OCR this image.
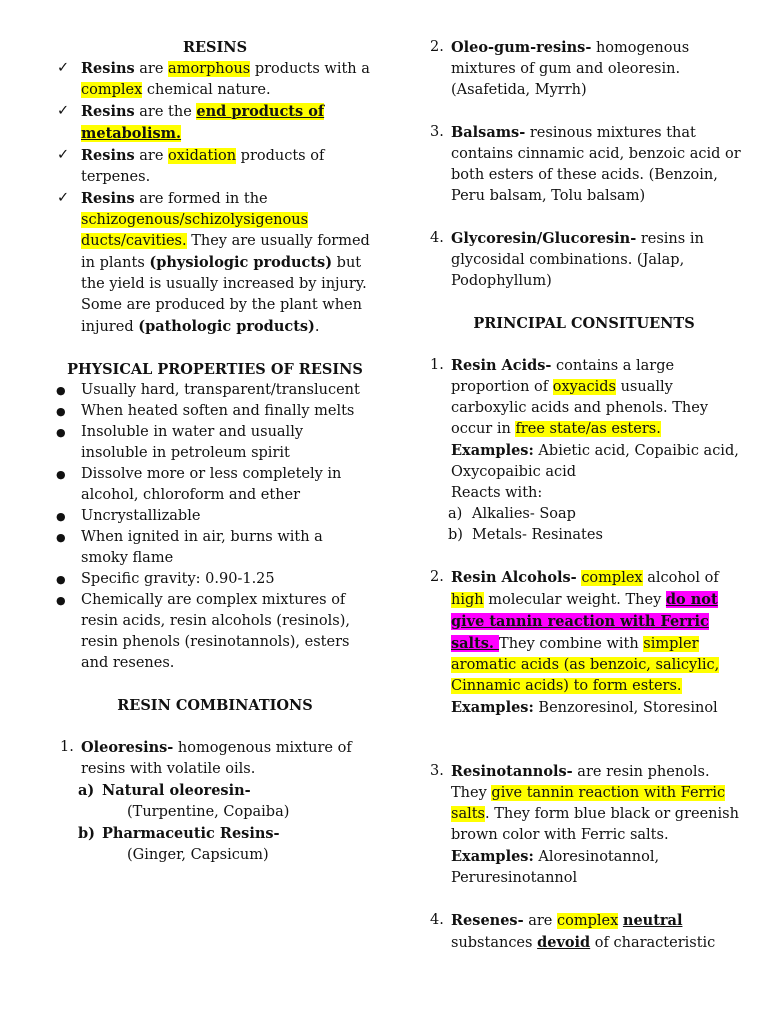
RESINS
✓ Resins are amorphous products with a complex chemical nature.
✓ Resins are the end products of metabolism.
✓ Resins are oxidation products of terpenes.
✓ Resins are formed in the schizogenous/schizolysigenous ducts/cavities. They are usually formed in plants (physiologic products) but the yield is usually increased by injury. Some are produced by the plant when injured (pathologic products).
PHYSICAL PROPERTIES OF RESINS
● Usually hard, transparent/translucent
● When heated soften and finally melts
● Insoluble in water and usually insoluble in petroleum spirit
● Dissolve more or less completely in alcohol, chloroform and ether
● Uncrystallizable
● When ignited in air, burns with a smoky flame
● Specific gravity: 0.90-1.25
● Chemically are complex mixtures of resin acids, resin alcohols (resinols), resin phenols (resinotannols), esters and resenes.
RESIN COMBINATIONS
1. Oleoresins- homogenous mixture of resins with volatile oils.
a) Natural oleoresin-
(Turpentine, Copaiba)
b) Pharmaceutic Resins-
(Ginger, Capsicum)
2. Oleo-gum-resins- homogenous mixtures of gum and oleoresin. (Asafetida, Myrrh)
3. Balsams- resinous mixtures that contains cinnamic acid, benzoic acid or both esters of these acids. (Benzoin, Peru balsam, Tolu balsam)
4. Glycoresin/Glucoresin- resins in glycosidal combinations. (Jalap, Podophyllum)
PRINCIPAL CONSITUENTS
1. Resin Acids- contains a large proportion of oxyacids usually carboxylic acids and phenols. They occur in free state/as esters.
Examples: Abietic acid, Copaibic acid, Oxycopaibic acid
Reacts with:
a) Alkalies- Soap
b) Metals- Resinates
2. Resin Alcohols- complex alcohol of high molecular weight. They do not give tannin reaction with Ferric salts. They combine with simpler aromatic acids (as benzoic, salicylic, Cinnamic acids) to form esters.
Examples: Benzoresinol, Storesinol
3. Resinotannols- are resin phenols. They give tannin reaction with Ferric salts. They form blue black or greenish brown color with Ferric salts.
Examples: Aloresinotannol, Peruresinotannol
4. Resenes- are complex neutral substances devoid of characteristic
